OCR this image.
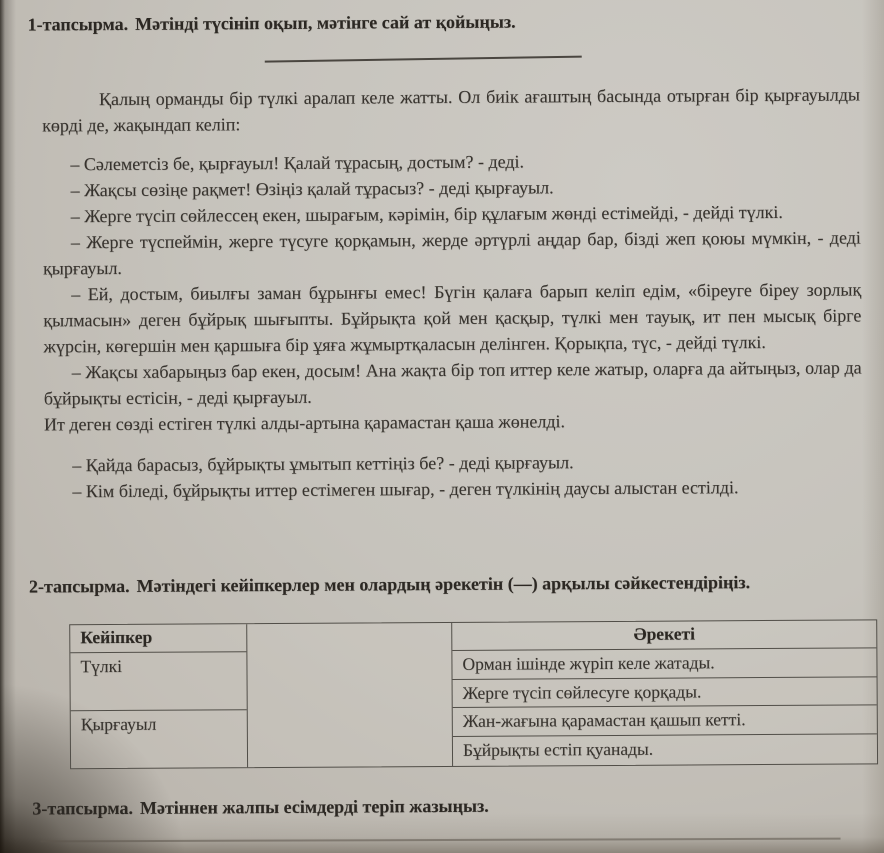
1-тапсырма. Мәтінді түсініп оқып, мәтінге сай ат қойыңыз.

Қалың орманды бір түлкі аралап келе жатты. Ол биік ағаштың басында отырған бір қырғауылды көрді де, жақындап келіп:

– Сәлеметсіз бе, қырғауыл! Қалай тұрасың, достым? - деді.

– Жақсы сөзіңе рақмет! Өзіңіз қалай тұрасыз? - деді қырғауыл.

– Жерге түсіп сөйлессең екен, шырағым, кәрімін, бір құлағым жөнді естімейді, - дейді түлкі.

– Жерге түспеймін, жерге түсуге қорқамын, жерде әртүрлі аңдар бар, бізді жеп қоюы мүмкін, - деді қырғауыл.

– Ей, достым, биылғы заман бұрынғы емес! Бүгін қалаға барып келіп едім, «біреуге біреу зорлық қылмасын» деген бұйрық шығыпты. Бұйрықта қой мен қасқыр, түлкі мен тауық, ит пен мысық бірге жүрсін, көгершін мен қаршыға бір ұяға жұмыртқаласын делінген. Қорықпа, түс, - дейді түлкі.

– Жақсы хабарыңыз бар екен, досым! Ана жақта бір топ иттер келе жатыр, оларға да айтыңыз, олар да бұйрықты естісін, - деді қырғауыл.

Ит деген сөзді естіген түлкі алды-артына қарамастан қаша жөнелді.

– Қайда барасыз, бұйрықты ұмытып кеттіңіз бе? - деді қырғауыл.

– Кім біледі, бұйрықты иттер естімеген шығар, - деген түлкінің даусы алыстан естілді.

2-тапсырма. Мәтіндегі кейіпкерлер мен олардың әрекетін (—) арқылы сәйкестендіріңіз.
Кейіпкер
Түлкі
Қырғауыл
Әрекеті
Орман ішінде жүріп келе жатады.
Жерге түсіп сөйлесуге қорқады.
Жан-жағына қарамастан қашып кетті.
Бұйрықты естіп қуанады.
3-тапсырма. Мәтіннен жалпы есімдерді теріп жазыңыз.
